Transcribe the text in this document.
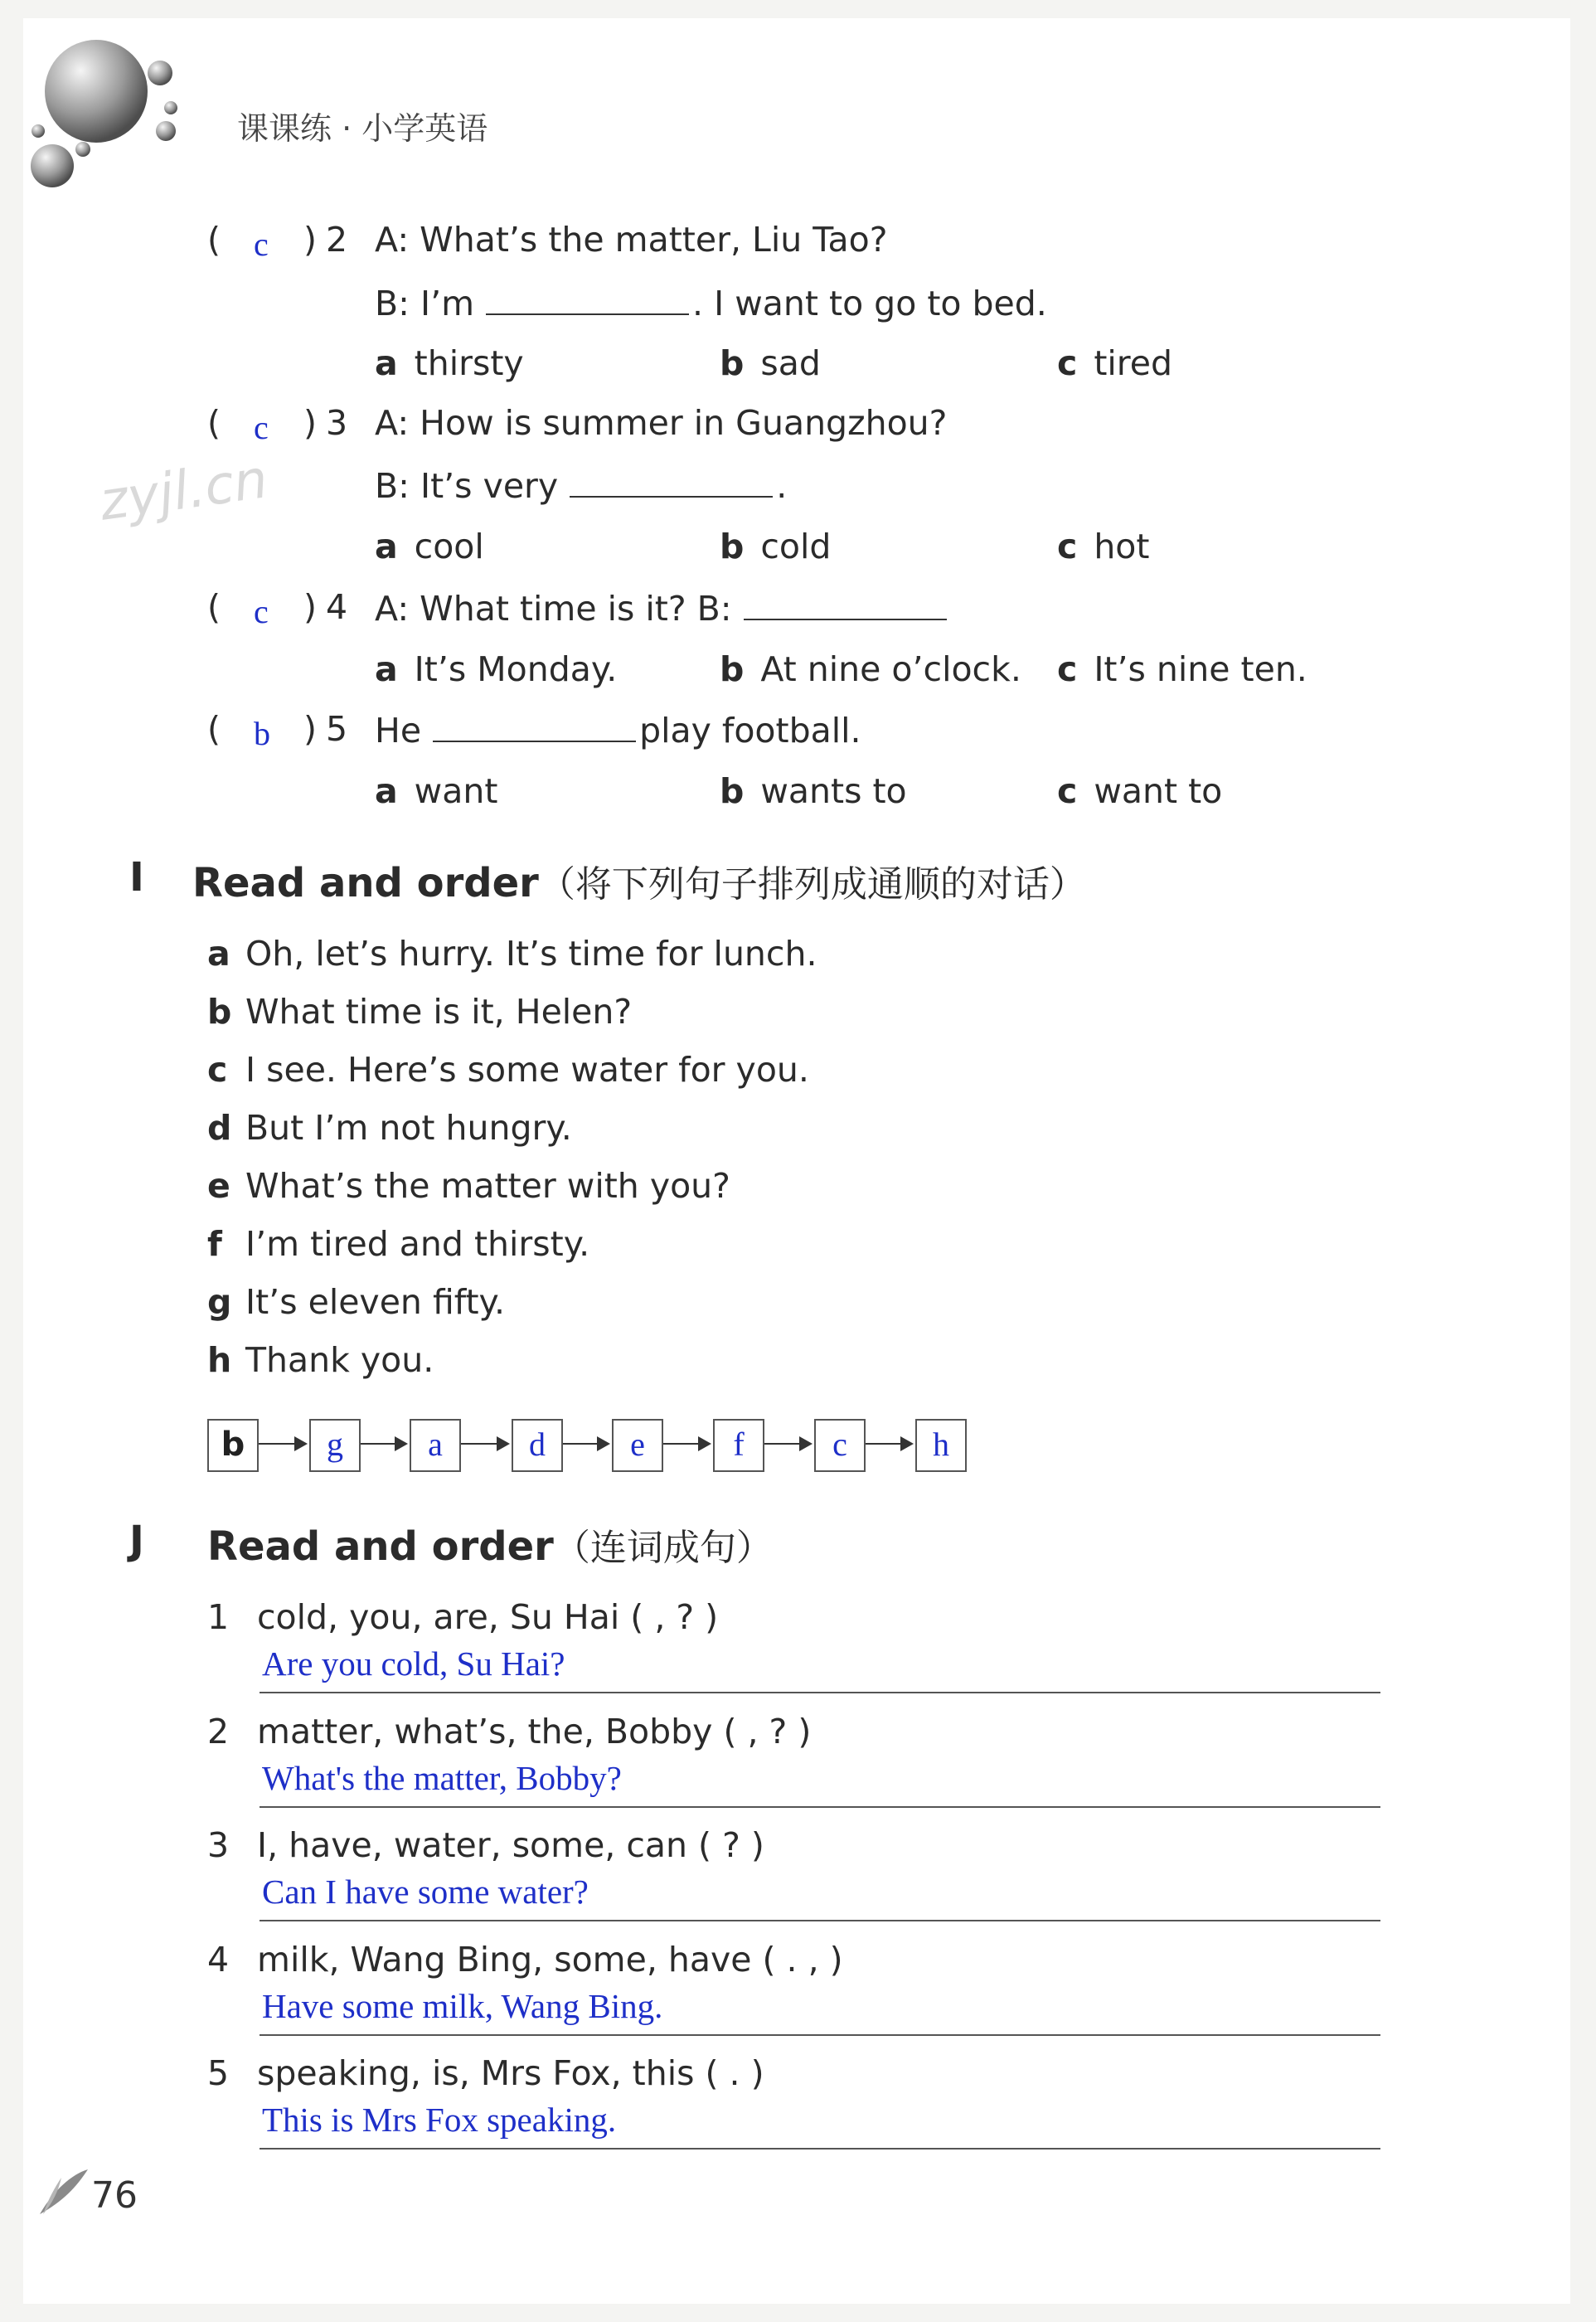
课课练 · 小学英语
zyjl.cn
( c ) 2 A: What’s the matter, Liu Tao?
B: I’m	. I want to go to bed.
a thirsty	b sad	c tired
( c ) 3 A: How is summer in Guangzhou?
B: It’s very	.
a cool	b cold	c hot
( c ) 4 A: What time is it? B:
a It’s Monday.	b At nine o’clock. c It’s nine ten.
( b ) 5 He	play football.
a want	b wants to	c want to
I Read and order（将下列句子排列成通顺的对话）
a Oh, let’s hurry. It’s time for lunch.
b What time is it, Helen?
c I see. Here’s some water for you.
d But I’m not hungry.
e What’s the matter with you?
f I’m tired and thirsty.
g It’s eleven fifty.
h Thank you.
b	g	a	d	e	f	c	h
J Read and order（连词成句）
1 cold, you, are, Su Hai ( , ? )
Are you cold, Su Hai?
2 matter, what’s, the, Bobby ( , ? )
What's the matter, Bobby?
3 I, have, water, some, can ( ? )
Can I have some water?
4 milk, Wang Bing, some, have ( . , )
Have some milk, Wang Bing.
5 speaking, is, Mrs Fox, this ( . )
This is Mrs Fox speaking.
76
